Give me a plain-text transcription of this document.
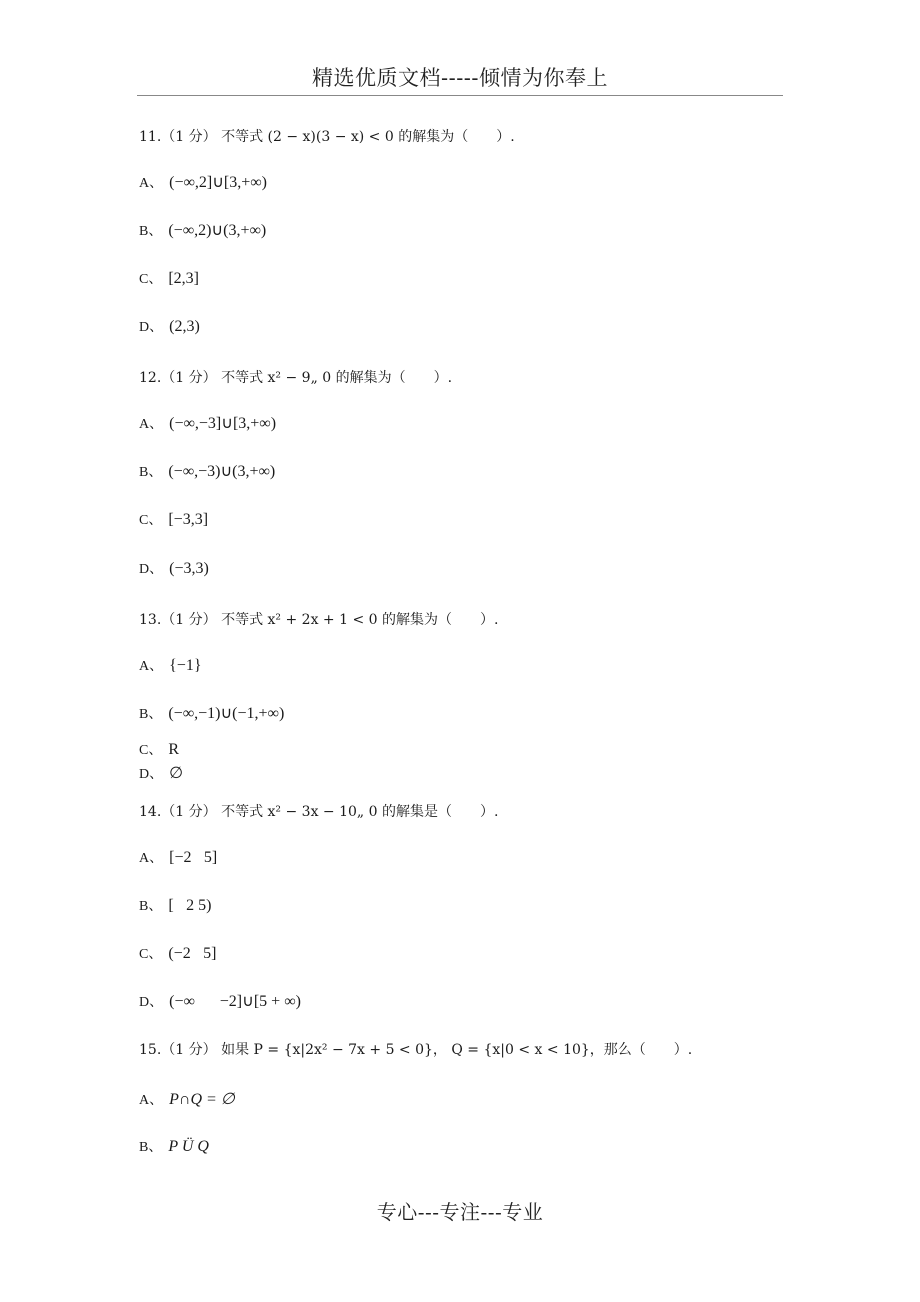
精选优质文档-----倾情为你奉上
11.（1 分） 不等式 (2 − x)(3 − x) < 0 的解集为（　　）.
A、 (−∞,2]∪[3,+∞)
B、 (−∞,2)∪(3,+∞)
C、 [2,3]
D、 (2,3)
12.（1 分） 不等式 x² − 9„ 0 的解集为（　　）.
A、 (−∞,−3]∪[3,+∞)
B、 (−∞,−3)∪(3,+∞)
C、 [−3,3]
D、 (−3,3)
13.（1 分） 不等式 x² + 2x + 1 < 0 的解集为（　　）.
A、 {−1}
B、 (−∞,−1)∪(−1,+∞)
C、 R
D、 ∅
14.（1 分） 不等式 x² − 3x − 10„ 0 的解集是（　　）.
A、 [−2⃞5]
B、 [⃞2 5)
C、 (−2⃞5]
D、 (−∞⃞⃞−2]∪[5 + ∞)
15.（1 分） 如果 P = {x|2x² − 7x + 5 < 0}， Q = {x|0 < x < 10}，那么（　　）.
A、 P∩Q = ∅
B、 P Ü Q
专心---专注---专业
